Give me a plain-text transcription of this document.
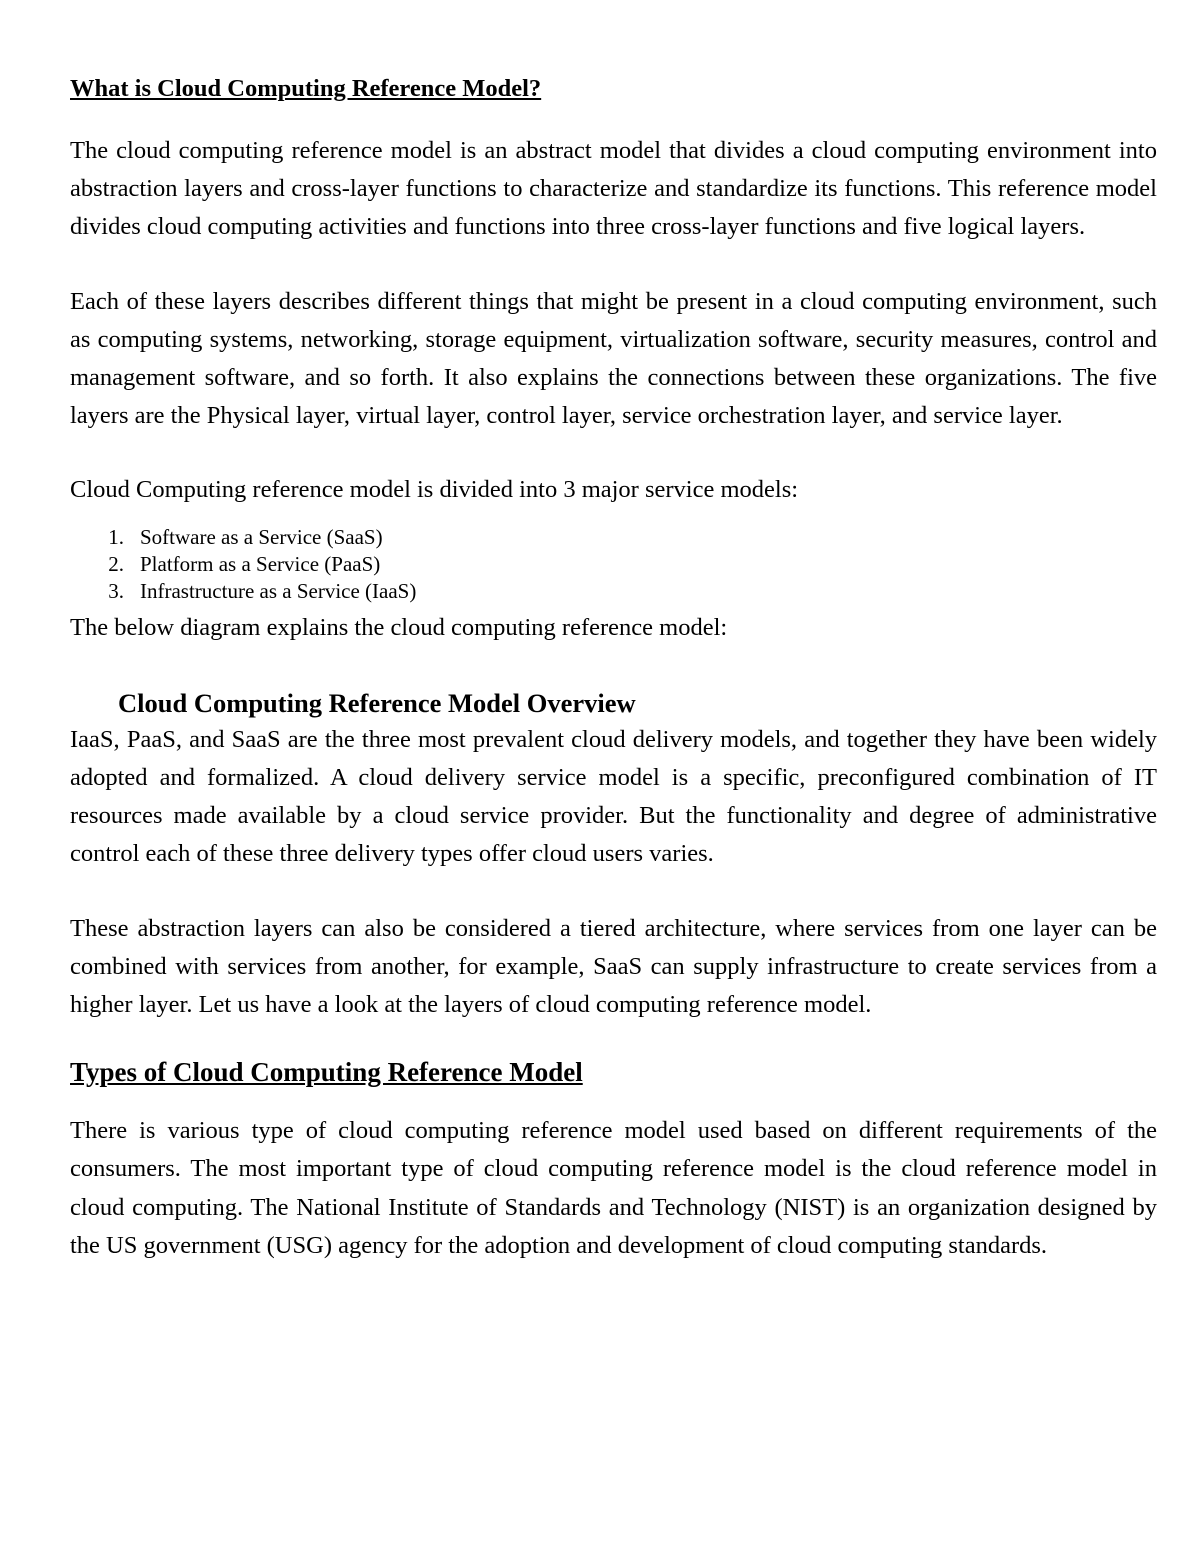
What is Cloud Computing Reference Model?

The cloud computing reference model is an abstract model that divides a cloud computing environment into abstraction layers and cross-layer functions to characterize and standardize its functions. This reference model divides cloud computing activities and functions into three cross-layer functions and five logical layers.

Each of these layers describes different things that might be present in a cloud computing environment, such as computing systems, networking, storage equipment, virtualization software, security measures, control and management software, and so forth. It also explains the connections between these organizations. The five layers are the Physical layer, virtual layer, control layer, service orchestration layer, and service layer.

Cloud Computing reference model is divided into 3 major service models:

1. Software as a Service (SaaS)
2. Platform as a Service (PaaS)
3. Infrastructure as a Service (IaaS)

The below diagram explains the cloud computing reference model:

Cloud Computing Reference Model Overview

IaaS, PaaS, and SaaS are the three most prevalent cloud delivery models, and together they have been widely adopted and formalized. A cloud delivery service model is a specific, preconfigured combination of IT resources made available by a cloud service provider. But the functionality and degree of administrative control each of these three delivery types offer cloud users varies.

These abstraction layers can also be considered a tiered architecture, where services from one layer can be combined with services from another, for example, SaaS can supply infrastructure to create services from a higher layer. Let us have a look at the layers of cloud computing reference model.

Types of Cloud Computing Reference Model

There is various type of cloud computing reference model used based on different requirements of the consumers. The most important type of cloud computing reference model is the cloud reference model in cloud computing. The National Institute of Standards and Technology (NIST) is an organization designed by the US government (USG) agency for the adoption and development of cloud computing standards.
